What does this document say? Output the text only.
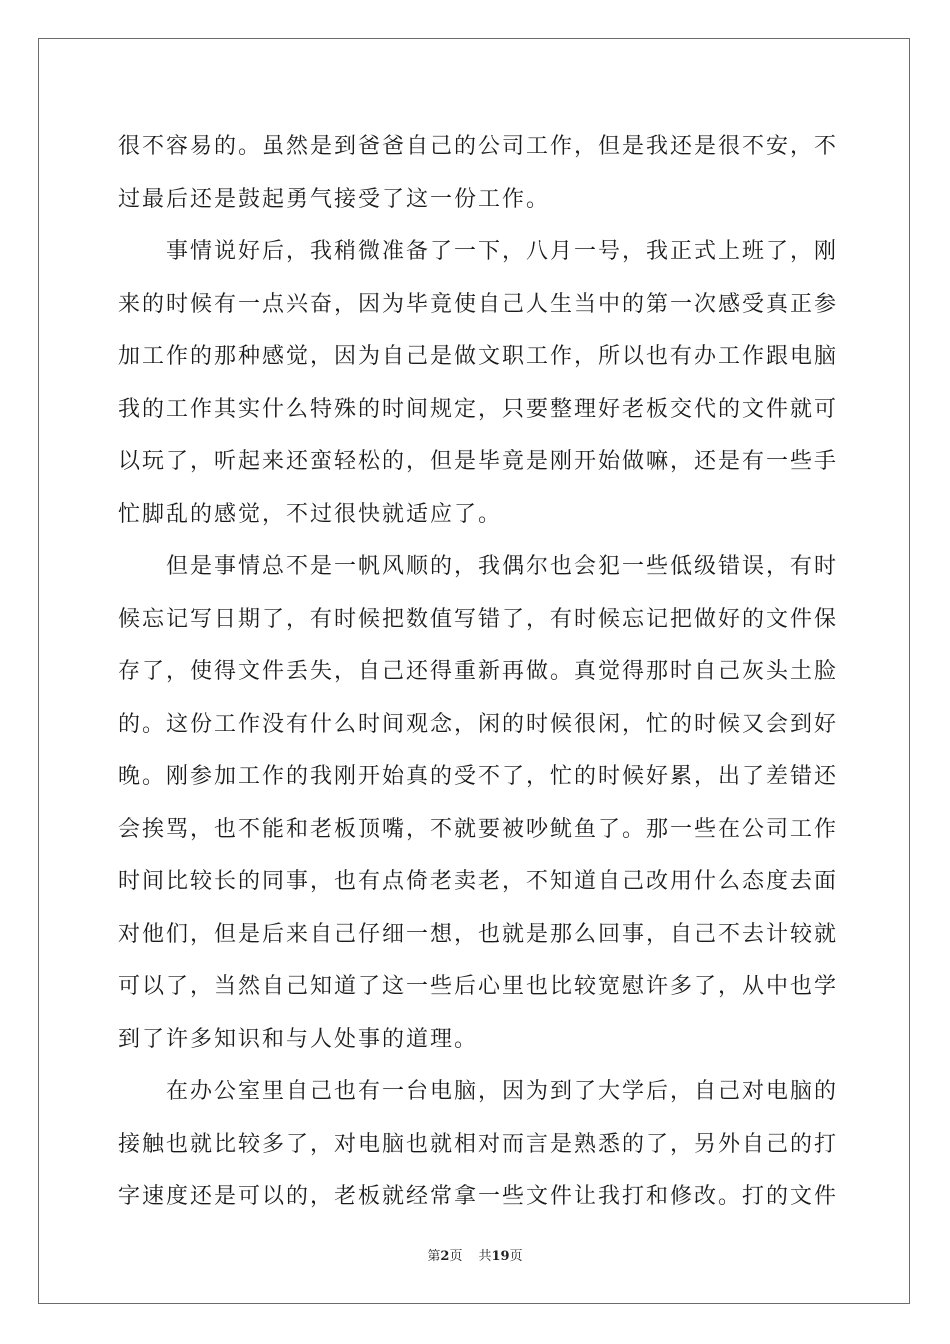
很不容易的。虽然是到爸爸自己的公司工作，但是我还是很不安，不
过最后还是鼓起勇气接受了这一份工作。
　　事情说好后，我稍微准备了一下，八月一号，我正式上班了，刚
来的时候有一点兴奋，因为毕竟使自己人生当中的第一次感受真正参
加工作的那种感觉，因为自己是做文职工作，所以也有办工作跟电脑
我的工作其实什么特殊的时间规定，只要整理好老板交代的文件就可
以玩了，听起来还蛮轻松的，但是毕竟是刚开始做嘛，还是有一些手
忙脚乱的感觉，不过很快就适应了。
　　但是事情总不是一帆风顺的，我偶尔也会犯一些低级错误，有时
候忘记写日期了，有时候把数值写错了，有时候忘记把做好的文件保
存了，使得文件丢失，自己还得重新再做。真觉得那时自己灰头土脸
的。这份工作没有什么时间观念，闲的时候很闲，忙的时候又会到好
晚。刚参加工作的我刚开始真的受不了，忙的时候好累，出了差错还
会挨骂，也不能和老板顶嘴，不就要被吵鱿鱼了。那一些在公司工作
时间比较长的同事，也有点倚老卖老，不知道自己改用什么态度去面
对他们，但是后来自己仔细一想，也就是那么回事，自己不去计较就
可以了，当然自己知道了这一些后心里也比较宽慰许多了，从中也学
到了许多知识和与人处事的道理。
　　在办公室里自己也有一台电脑，因为到了大学后，自己对电脑的
接触也就比较多了，对电脑也就相对而言是熟悉的了，另外自己的打
字速度还是可以的，老板就经常拿一些文件让我打和修改。打的文件
第2页 共19页
